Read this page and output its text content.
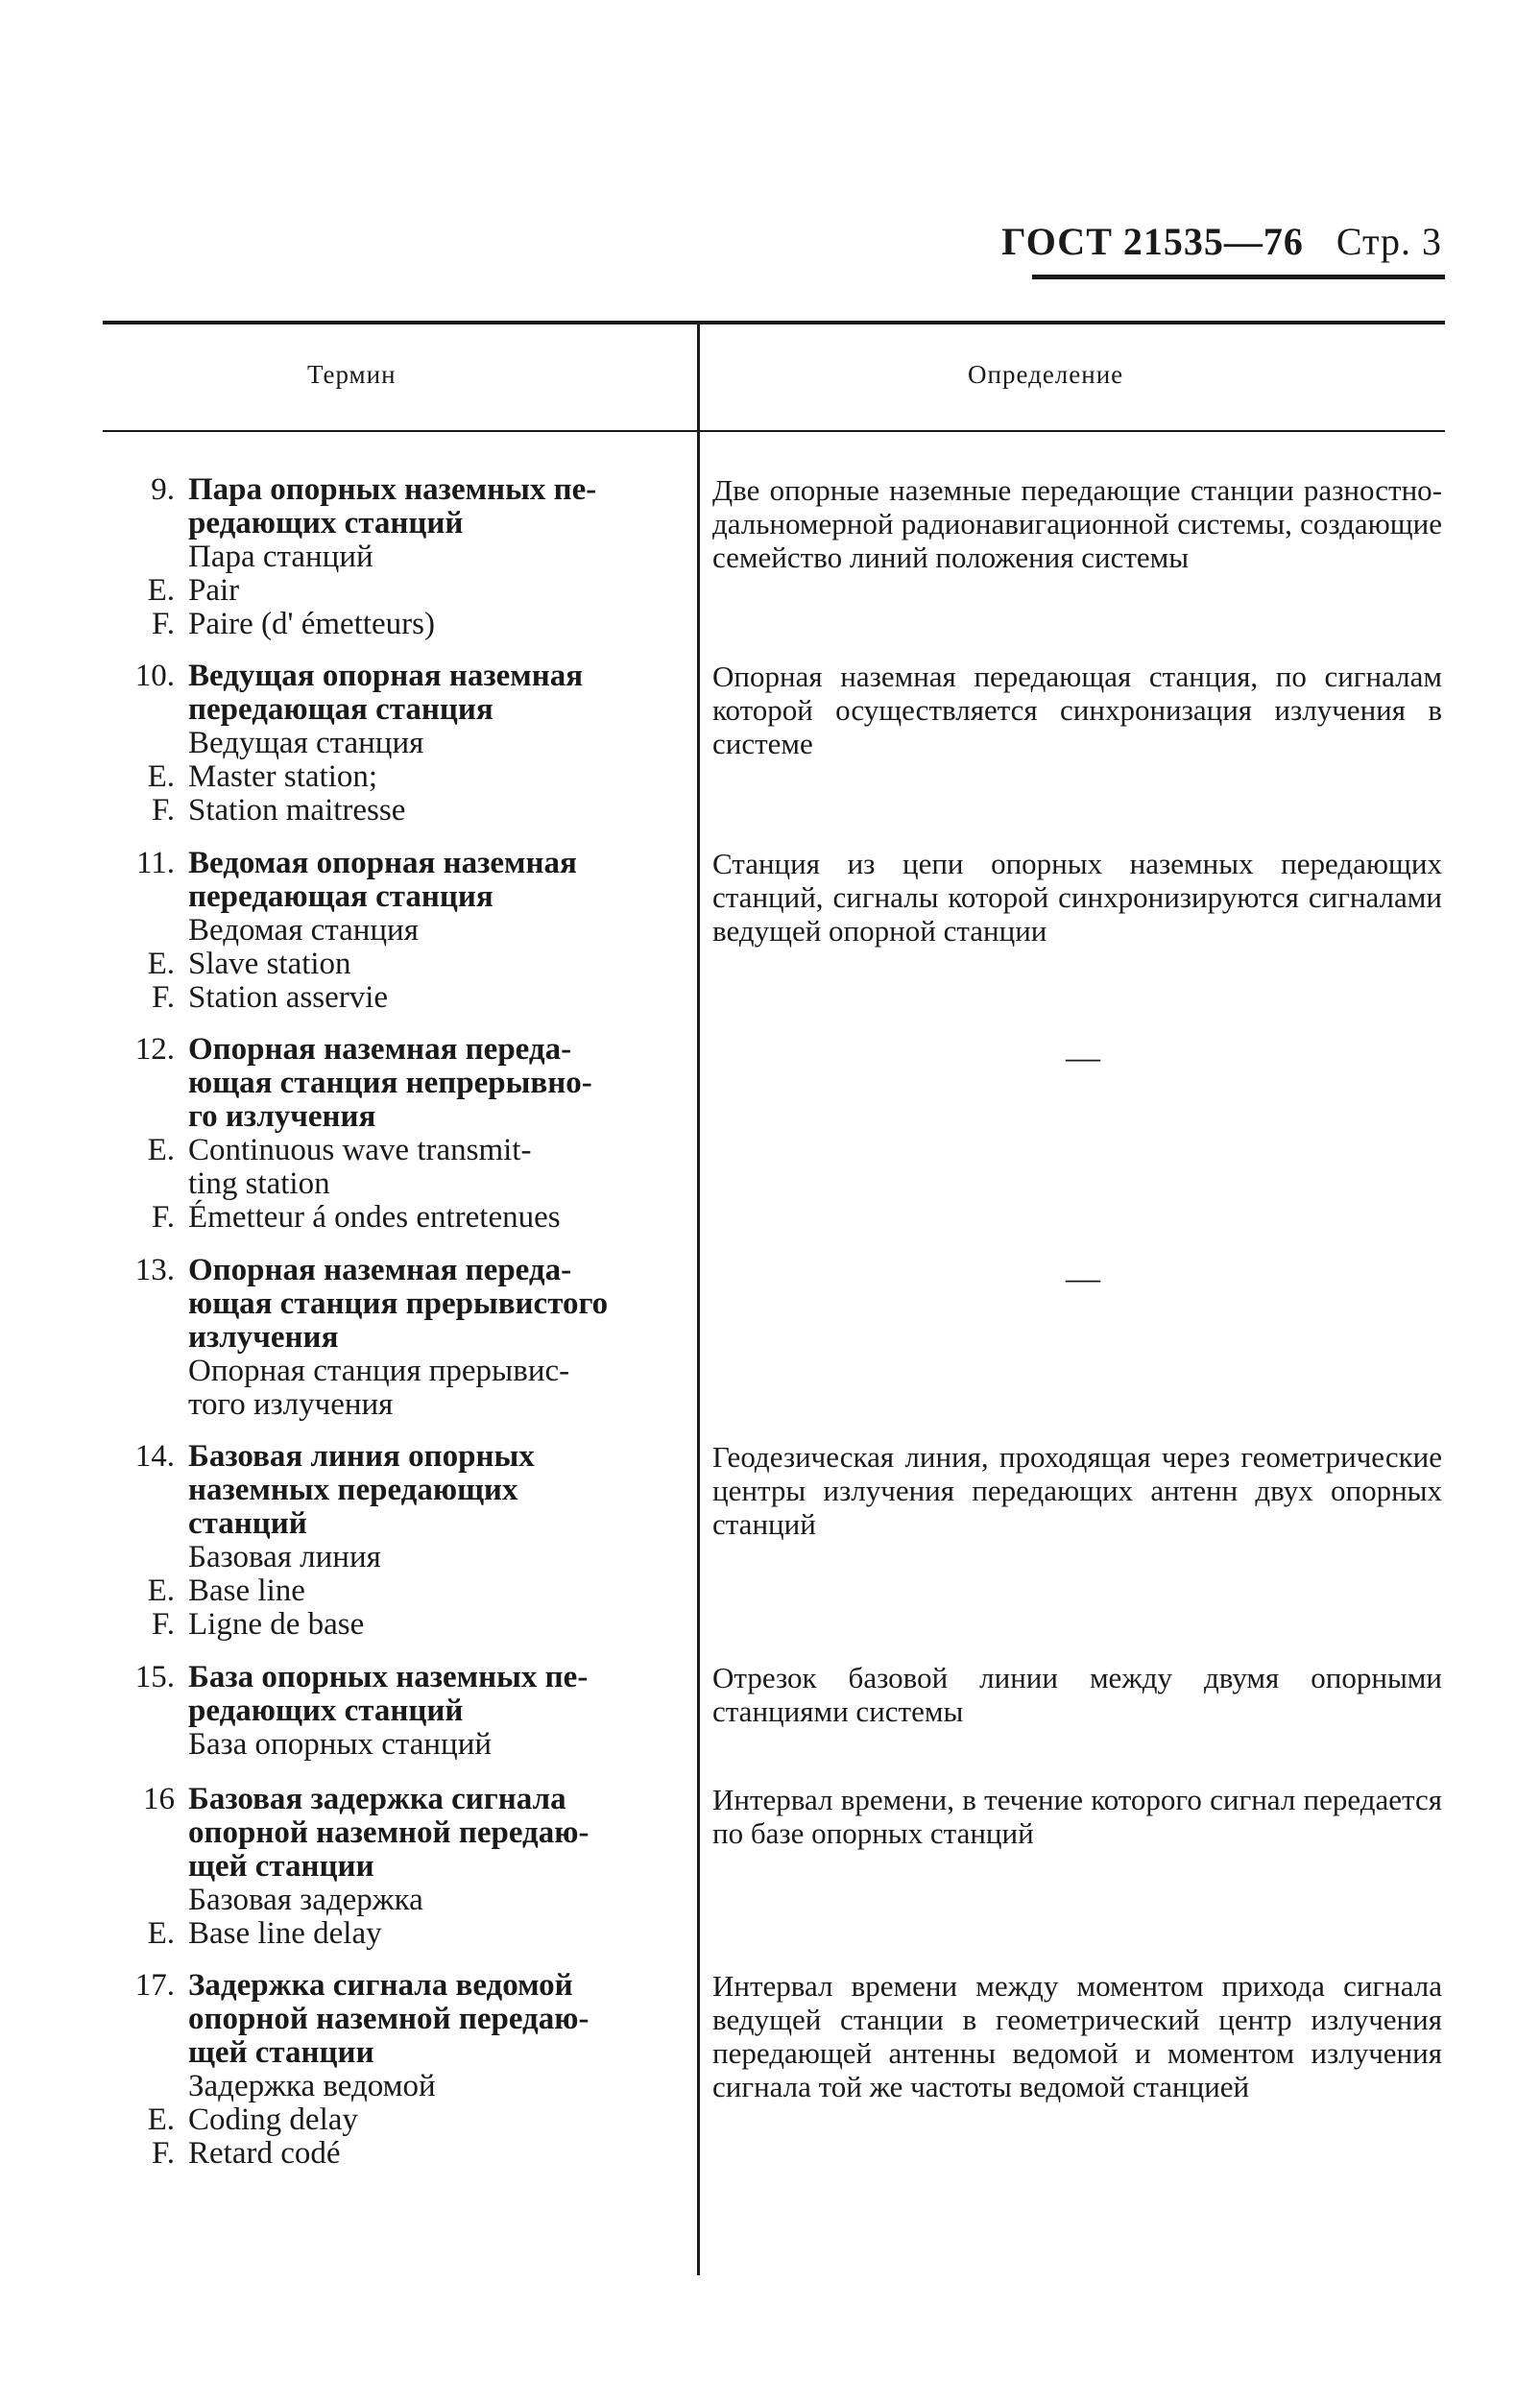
ГОСТ 21535—76 Стр. 3
Термин	Определение
9. Пара опорных наземных пе-
редающих станций
Пара станций
E. Pair
F. Paire (d' émetteurs)
Две опорные наземные передающие станции разностно-дальномерной радионавигационной системы, создающие семейство линий положения системы
10. Ведущая опорная наземная
передающая станция
Ведущая станция
E. Master station;
F. Station maitresse
Опорная наземная передающая станция, по сигналам которой осуществляется синхронизация излучения в системе
11. Ведомая опорная наземная
передающая станция
Ведомая станция
E. Slave station
F. Station asservie
Станция из цепи опорных наземных передающих станций, сигналы которой синхронизируются сигналами ведущей опорной станции
12. Опорная наземная переда-
ющая станция непрерывно-
го излучения
E. Continuous wave transmit-
ting station
F. Émetteur á ondes entretenues
—
13. Опорная наземная переда-
ющая станция прерывистого
излучения
Опорная станция прерывис-
того излучения
—
14. Базовая линия опорных
наземных передающих
станций
Базовая линия
E. Base line
F. Ligne de base
Геодезическая линия, проходящая через геометрические центры излучения передающих антенн двух опорных станций
15. База опорных наземных пе-
редающих станций
База опорных станций
Отрезок базовой линии между двумя опорными станциями системы
16 Базовая задержка сигнала
опорной наземной передаю-
щей станции
Базовая задержка
E. Base line delay
Интервал времени, в течение которого сигнал передается по базе опорных станций
17. Задержка сигнала ведомой
опорной наземной передаю-
щей станции
Задержка ведомой
E. Coding delay
F. Retard codé
Интервал времени между моментом прихода сигнала ведущей станции в геометрический центр излучения передающей антенны ведомой и моментом излучения сигнала той же частоты ведомой станцией
